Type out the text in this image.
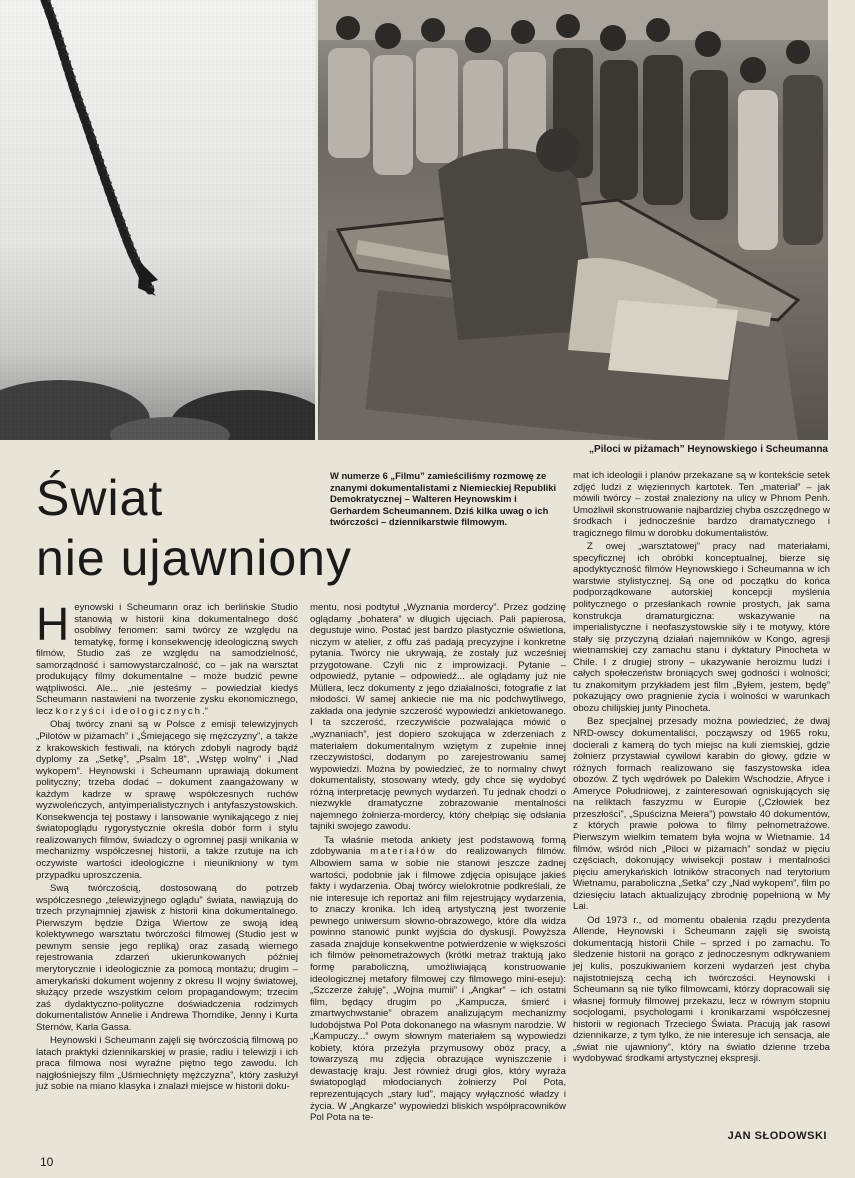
„Piloci w piżamach” Heynowskiego i Scheumanna
Świat
nie ujawniony
W numerze 6 „Filmu” zamieściliśmy rozmowę ze znanymi dokumentalistami z Niemieckiej Republiki Demokratycznej – Walteren Heynowskim i Gerhardem Scheumannem. Dziś kilka uwag o ich twórczości – dziennikarstwie filmowym.

Heynowski i Scheumann oraz ich berlińskie Studio stanowią w historii kina dokumentalnego dość osobliwy fenomen: sami twórcy ze względu na tematykę, formę i konsekwencję ideologiczną swych filmów, Studio zaś ze względu na samodzielność, samorządność i samowystarczalność, co – jak na warsztat produkujący filmy dokumentalne – może budzić pewne wątpliwości. Ale... „nie jesteśmy – powiedział kiedyś Scheumann nastawieni na tworzenie zysku ekonomicznego, lecz korzyści ideologicznych.”

Obaj twórcy znani są w Polsce z emisji telewizyjnych „Pilotów w piżamach” i „Śmiejącego się mężczyzny”, a także z krakowskich festiwali, na których zdobyli nagrody bądź dyplomy za „Setkę”, „Psalm 18”, „Wstęp wolny” i „Nad wykopem”. Heynowski i Scheumann uprawiają dokument polityczny; trzeba dodać – dokument zaangażowany w każdym kadrze w sprawę współczesnych ruchów wyzwoleńczych, antyimperialistycznych i antyfaszystowskich. Konsekwencja tej postawy i lansowanie wynikającego z niej światopoglądu rygorystycznie określa dobór form i stylu realizowanych filmów, świadczy o ogromnej pasji wnikania w mechanizmy współczesnej historii, a także rzutuje na ich oczywiste wartości ideologiczne i nieunikniony w tym przypadku uproszczenia.

Swą twórczością, dostosowaną do potrzeb współczesnego „telewizyjnego oglądu” świata, nawiązują do trzech przynajmniej zjawisk z historii kina dokumentalnego. Pierwszym będzie Dżiga Wiertow ze swoją ideą kolektywnego warsztatu twórczości filmowej (Studio jest w pewnym sensie jego repliką) oraz zasadą wiernego rejestrowania zdarzeń ukierunkowanych później merytorycznie i ideologicznie za pomocą montażu; drugim – amerykański dokument wojenny z okresu II wojny światowej, służący przede wszystkim celom propagandowym; trzecim zaś dydaktyczno-polityczne doświadczenia rodzimych dokumentalistów Annelie i Andrewa Thorndike, Jenny i Kurta Sternów, Karla Gassa.

Heynowski i Scheumann zajęli się twórczością filmową po latach praktyki dziennikarskiej w prasie, radiu i telewizji i ich praca filmowa nosi wyraźne piętno tego zawodu. Ich najgłośniejszy film „Uśmiechnięty mężczyzna”, który zasłużył już sobie na miano klasyka i znalazł miejsce w historii doku-

mentu, nosi podtytuł „Wyznania mordercy”. Przez godzinę oglądamy „bohatera” w długich ujęciach. Pali papierosa, degustuje wino. Postać jest bardzo plastycznie oświetlona, niczym w atelier, z offu zaś padają precyzyjne i konkretne pytania. Twórcy nie ukrywają, że zostały już wcześniej przygotowane. Czyli nic z improwizacji. Pytanie – odpowiedź, pytanie – odpowiedź... ale oglądamy już nie Müllera, lecz dokumenty z jego działalności, fotografie z lat młodości. W samej ankiecie nie ma nic podchwytliwego, zakłada ona jedynie szczerość wypowiedzi ankietowanego. I ta szczerość, rzeczywiście pozwalająca mówić o „wyznaniach”, jest dopiero szokująca w zderzeniach z materiałem dokumentalnym wziętym z zupełnie innej rzeczywistości, dodanym po zarejestrowaniu samej wypowiedzi. Można by powiedzieć, że to normalny chwyt dokumentalisty, stosowany wtedy, gdy chce się wydobyć różną interpretację pewnych wydarzeń. Tu jednak chodzi o niezwykle dramatyczne zobrazowanie mentalności najemnego żołnierza-mordercy, który chełpiąc się odsłania tajniki swojego zawodu.

Ta właśnie metoda ankiety jest podstawową formą zdobywania materiałów do realizowanych filmów. Albowiem sama w sobie nie stanowi jeszcze żadnej wartości, podobnie jak i filmowe zdjęcia opisujące jakieś fakty i wydarzenia. Obaj twórcy wielokrotnie podkreślali, że nie interesuje ich reportaż ani film rejestrujący wydarzenia, to znaczy kronika. Ich ideą artystyczną jest tworzenie pewnego uniwersum słowno-obrazowego, które dla widza powinno stanowić punkt wyjścia do dyskusji. Powyższa zasada znajduje konsekwentne potwierdzenie w większości ich filmów pełnometrażowych (krótki metraż traktują jako formę paraboliczną, umożliwiającą konstruowanie ideologicznej metafory filmowej czy filmowego mini-eseju): „Szczerze żałuję”, „Wojna mumii” i „Angkar” – ich ostatni film, będący drugim po „Kampucza, śmierć i zmartwychwstanie” obrazem analizującym mechanizmy ludobójstwa Pol Pota dokonanego na własnym narodzie. W „Kampuczy...” owym słownym materiałem są wypowiedzi kobiety, która przeżyła przymusowy obóz pracy, a towarzyszą mu zdjęcia obrazujące wyniszczenie i dewastację kraju. Jest również drugi głos, który wyraża światopogląd młodocianych żołnierzy Pol Pota, reprezentujących „stary lud”, mający wyłączność władzy i życia. W „Angkarze” wypowiedzi bliskich współpracowników Pol Pota na te-

mat ich ideologii i planów przekazane są w kontekście setek zdjęć ludzi z więziennych kartotek. Ten „materiał” – jak mówili twórcy – został znaleziony na ulicy w Phnom Penh. Umożliwił skonstruowanie najbardziej chyba oszczędnego w środkach i jednocześnie bardzo dramatycznego i tragicznego filmu w dorobku dokumentalistów.

Z owej „warsztatowej” pracy nad materiałami, specyficznej ich obróbki konceptualnej, bierze się apodyktyczność filmów Heynowskiego i Scheumanna w ich warstwie stylistycznej. Są one od początku do końca podporządkowane autorskiej koncepcji myślenia politycznego o przesłankach rownie prostych, jak sama konstrukcja dramaturgiczna: wskazywanie na imperialistyczne i neofaszystowskie siły i te motywy, które stały się przyczyną działań najemników w Kongo, agresji wietnamskiej czy zamachu stanu i dyktatury Pinocheta w Chile. I z drugiej strony – ukazywanie heroizmu ludzi i całych społeczeństw broniących swej godności i wolności; tu znakomitym przykładem jest film „Byłem, jestem, będę” pokazujący owo pragnienie życia i wolności w warunkach obozu chilijskiej junty Pinocheta.

Bez specjalnej przesady można powiedzieć, że dwaj NRD-owscy dokumentaliści, począwszy od 1965 roku, docierali z kamerą do tych miejsc na kuli ziemskiej, gdzie żołnierz przystawiał cywilowi karabin do głowy, gdzie w różnych formach realizowano się faszystowska idea obozów. Z tych wędrówek po Dalekim Wschodzie, Afryce i Ameryce Południowej, z zainteresowań ogniskujących się na reliktach faszyzmu w Europie („Człowiek bez przeszłości”, „Spuścizna Meiera”) powstało 40 dokumentów, z których prawie połowa to filmy pełnometrażowe. Pierwszym wielkim tematem była wojna w Wietnamie. 14 filmów, wśród nich „Piloci w piżamach” sondaż w pięciu częściach, dokonujący wiwisekcji postaw i mentalności pięciu amerykańskich lotników straconych nad terytorium Wietnamu, paraboliczna „Setka” czy „Nad wykopem”, film po dziesięciu latach aktualizujący zbrodnię popełnioną w My Lai.

Od 1973 r., od momentu obalenia rządu prezydenta Allende, Heynowski i Scheumann zajęli się swoistą dokumentacją historii Chile – sprzed i po zamachu. To śledzenie historii na gorąco z jednoczesnym odkrywaniem jej kulis, poszukiwaniem korzeni wydarzeń jest chyba najistotniejszą cechą ich twórczości. Heynowski i Scheumann są nie tylko filmowcami, którzy dopracowali się własnej formuły filmowej przekazu, lecz w równym stopniu socjologami, psychologami i kronikarzami współczesnej historii w regionach Trzeciego Świata. Pracują jak rasowi dziennikarze, z tym tylko, że nie interesuje ich sensacja, ale „świat nie ujawniony”, który na światło dzienne trzeba wydobywać środkami artystycznej ekspresji.

JAN SŁODOWSKI
10
